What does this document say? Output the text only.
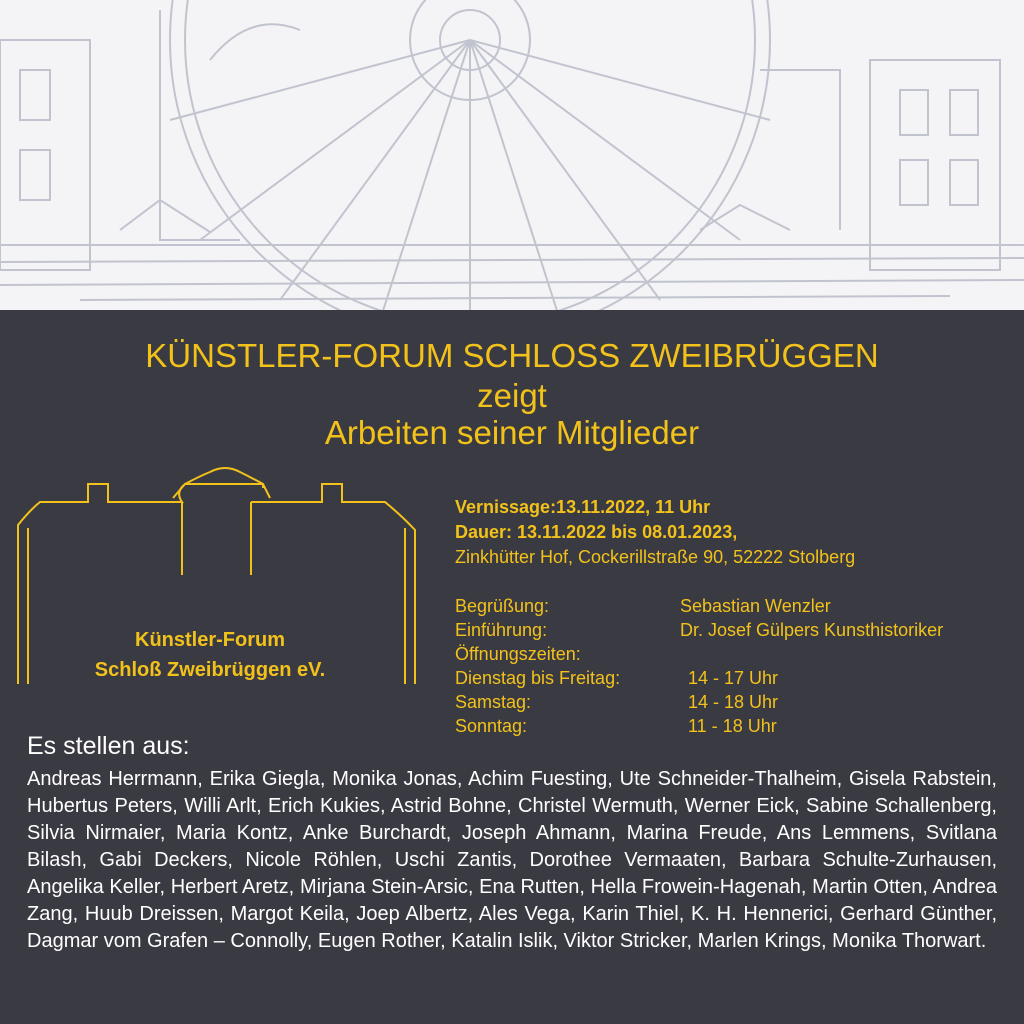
KÜNSTLER-FORUM SCHLOSS ZWEIBRÜGGEN
zeigt
Arbeiten seiner Mitglieder
Künstler-Forum
Schloß Zweibrüggen eV.
Vernissage:13.11.2022, 11 Uhr
Dauer: 13.11.2022 bis 08.01.2023,
Zinkhütter Hof, Cockerillstraße 90, 52222 Stolberg
Begrüßung:	Sebastian Wenzler
Einführung:	Dr. Josef Gülpers Kunsthistoriker
Öffnungszeiten:
Dienstag bis Freitag:	14 - 17 Uhr
Samstag:	14 - 18 Uhr
Sonntag:	11 - 18 Uhr
Es stellen aus:
Andreas Herrmann, Erika Giegla, Monika Jonas, Achim Fuesting, Ute Schneider-Thalheim, Gisela Rabstein, Hubertus Peters, Willi Arlt, Erich Kukies, Astrid Bohne, Christel Wermuth, Werner Eick, Sabine Schallenberg, Silvia Nirmaier, Maria Kontz, Anke Burchardt, Joseph Ahmann, Marina Freude, Ans Lemmens, Svitlana Bilash, Gabi Deckers, Nicole Röhlen, Uschi Zantis, Dorothee Vermaaten, Barbara Schulte-Zurhausen, Angelika Keller, Herbert Aretz, Mirjana Stein-Arsic, Ena Rutten, Hella Frowein-Hagenah, Martin Otten, Andrea Zang, Huub Dreissen, Margot Keila, Joep Albertz, Ales Vega, Karin Thiel, K. H. Hennerici, Gerhard Günther, Dagmar vom Grafen – Connolly, Eugen Rother, Katalin Islik, Viktor Stricker, Marlen Krings, Monika Thorwart.
